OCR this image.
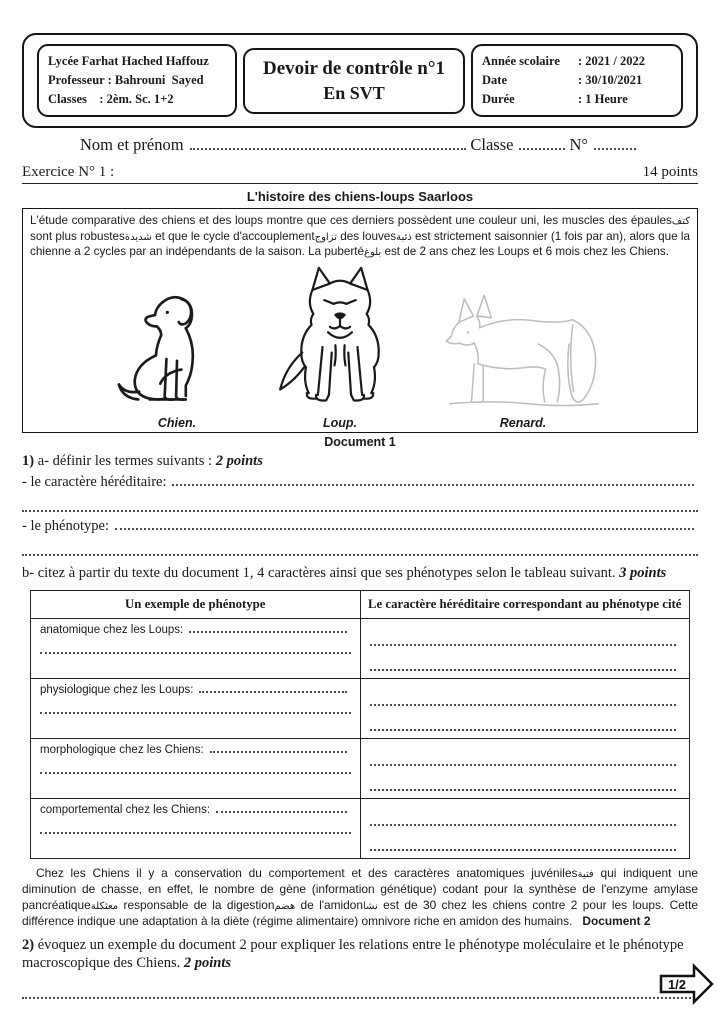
Lycée Farhat Hached Haffouz
Professeur : Bahrouni  Sayed
Classes    : 2èm. Sc. 1+2
Devoir de contrôle n°1
En SVT
Année scolaire	: 2021 / 2022
Date	: 30/10/2021
Durée	: 1 Heure
Nom et prénom	Classe	N°
Exercice N° 1 :	14 points
L'histoire des chiens-loups Saarloos
L'étude comparative des chiens et des loups montre que ces derniers possèdent une couleur uni, les muscles des épaulesكتف sont plus robustesشديدة et que le cycle d'accouplementتزاوج des louvesذئبة est strictement saisonnier (1 fois par an), alors que la chienne a 2 cycles par an indépendants de la saison. La pubertéبلوغ est de 2 ans chez les Loups et 6 mois chez les Chiens.
Chien.	Loup.	Renard.
Document 1
1) a- définir les termes suivants : 2 points
- le caractère héréditaire:
- le phénotype:
b- citez à partir du texte du document 1, 4 caractères ainsi que ses phénotypes selon le tableau suivant. 3 points
Un exemple de phénotype	Le caractère héréditaire correspondant au phénotype cité

anatomique chez les Loups:	

physiologique chez les Loups:	

morphologique chez les Chiens:	

comportemental chez les Chiens:	

Chez les Chiens il y a conservation du comportement et des caractères anatomiques juvénilesفتية qui indiquent une diminution de chasse, en effet, le nombre de gène (information génétique) codant pour la synthèse de l'enzyme amylase pancréatiqueمعثكلة responsable de la digestionهضم de l'amidonنشا est de 30 chez les chiens contre 2 pour les loups. Cette différence indique une adaptation à la diète (régime alimentaire) omnivore riche en amidon des humains. Document 2
2) évoquez un exemple du document 2 pour expliquer les relations entre le phénotype moléculaire et le phénotype macroscopique des Chiens. 2 points
1/2
